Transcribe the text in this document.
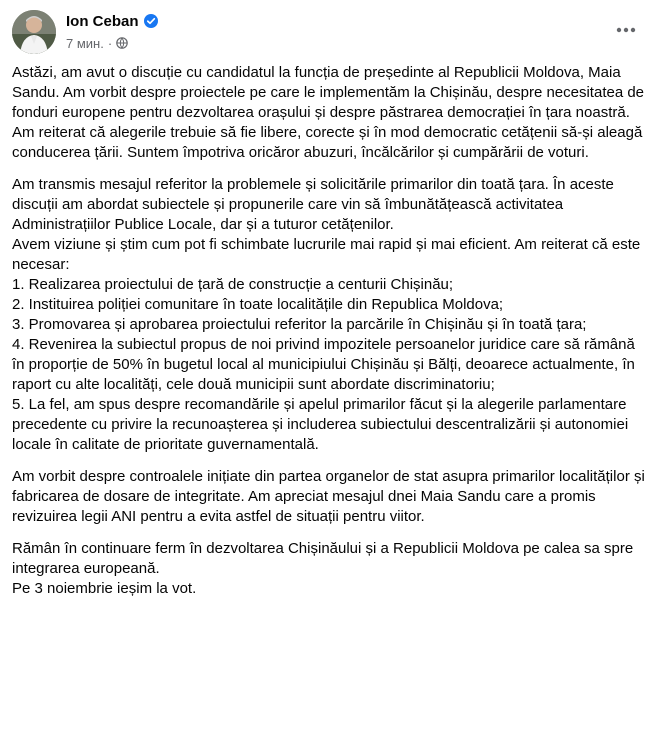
Ion Ceban
7 мин. ·

Astăzi, am avut o discuție cu candidatul la funcția de președinte al Republicii Moldova, Maia Sandu. Am vorbit despre proiectele pe care le implementăm la Chișinău, despre necesitatea de fonduri europene pentru dezvoltarea orașului și despre păstrarea democrației în țara noastră.
Am reiterat că alegerile trebuie să fie libere, corecte și în mod democratic cetățenii să-și aleagă conducerea țării. Suntem împotriva oricăror abuzuri, încălcărilor și cumpărării de voturi.

Am transmis mesajul referitor la problemele și solicitările primarilor din toată țara. În aceste discuții am abordat subiectele și propunerile care vin să îmbunătățească activitatea Administrațiilor Publice Locale, dar și a tuturor cetățenilor.
Avem viziune și știm cum pot fi schimbate lucrurile mai rapid și mai eficient. Am reiterat că este necesar:
1. Realizarea proiectului de țară de construcție a centurii Chișinău;
2. Instituirea poliției comunitare în toate localitățile din Republica Moldova;
3. Promovarea și aprobarea proiectului referitor la parcările în Chișinău și în toată țara;
4. Revenirea la subiectul propus de noi privind impozitele persoanelor juridice care să rămână în proporție de 50% în bugetul local al municipiului Chișinău și Bălți, deoarece actualmente, în raport cu alte localități, cele două municipii sunt abordate discriminatoriu;
5. La fel, am spus despre recomandările și apelul primarilor făcut și la alegerile parlamentare precedente cu privire la recunoașterea și includerea subiectului descentralizării și autonomiei locale în calitate de prioritate guvernamentală.

Am vorbit despre controalele inițiate din partea organelor de stat asupra primarilor localităților și fabricarea de dosare de integritate. Am apreciat mesajul dnei Maia Sandu care a promis revizuirea legii ANI pentru a evita astfel de situații pentru viitor.

Rămân în continuare ferm în dezvoltarea Chișinăului și a Republicii Moldova pe calea sa spre integrarea europeană.
Pe 3 noiembrie ieșim la vot.
